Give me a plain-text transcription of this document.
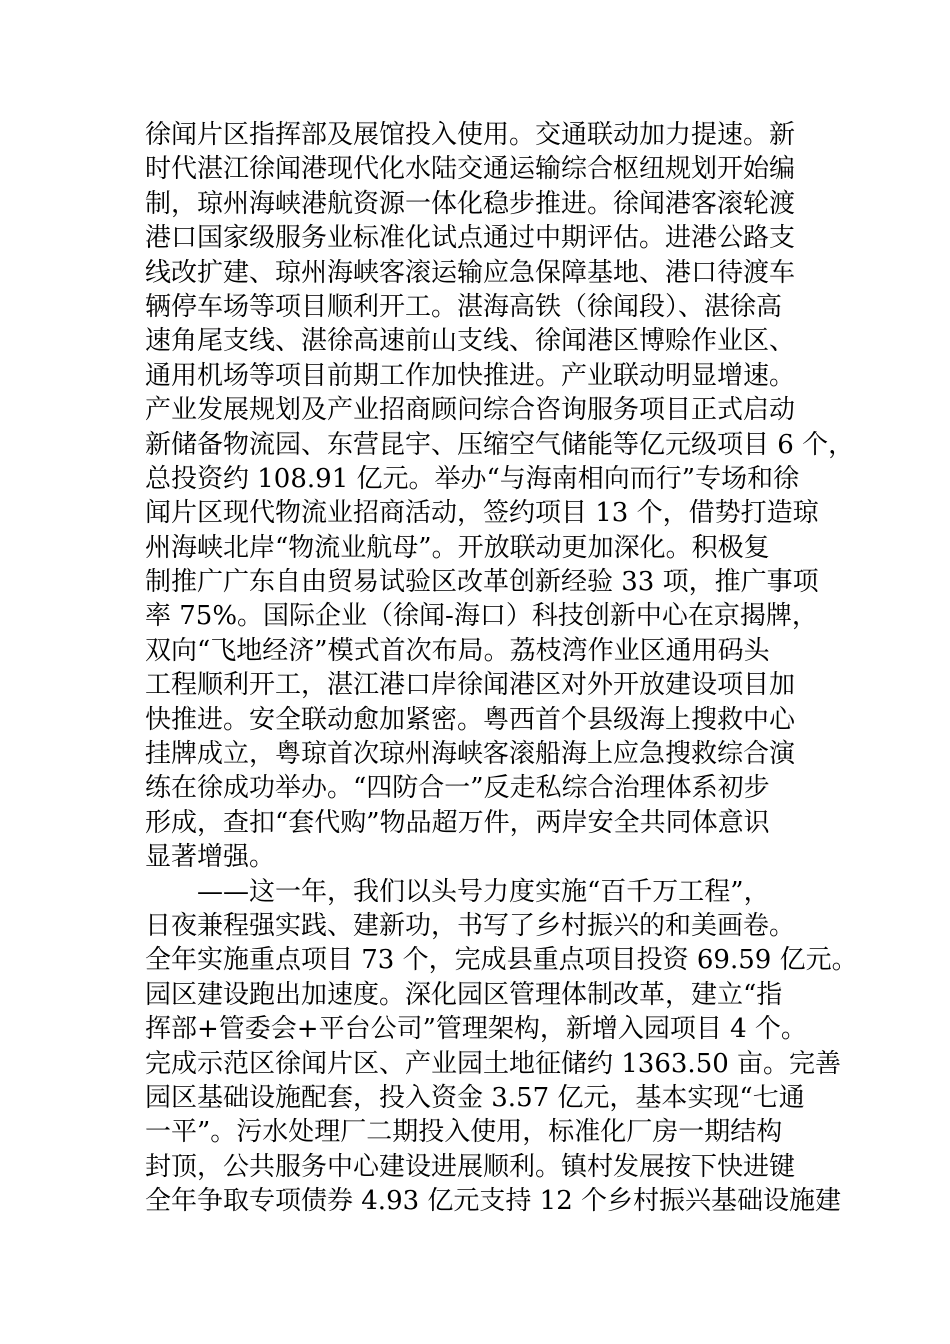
徐闻片区指挥部及展馆投入使用。交通联动加力提速。新
时代湛江徐闻港现代化水陆交通运输综合枢纽规划开始编
制，琼州海峡港航资源一体化稳步推进。徐闻港客滚轮渡
港口国家级服务业标准化试点通过中期评估。进港公路支
线改扩建、琼州海峡客滚运输应急保障基地、港口待渡车
辆停车场等项目顺利开工。湛海高铁（徐闻段）、湛徐高
速角尾支线、湛徐高速前山支线、徐闻港区博赊作业区、
通用机场等项目前期工作加快推进。产业联动明显增速。
产业发展规划及产业招商顾问综合咨询服务项目正式启动
新储备物流园、东营昆宇、压缩空气储能等亿元级项目 6 个，
总投资约 108.91 亿元。举办“与海南相向而行”专场和徐
闻片区现代物流业招商活动，签约项目 13 个，借势打造琼
州海峡北岸“物流业航母”。开放联动更加深化。积极复
制推广广东自由贸易试验区改革创新经验 33 项，推广事项
率 75%。国际企业（徐闻-海口）科技创新中心在京揭牌，
双向“飞地经济”模式首次布局。荔枝湾作业区通用码头
工程顺利开工，湛江港口岸徐闻港区对外开放建设项目加
快推进。安全联动愈加紧密。粤西首个县级海上搜救中心
挂牌成立，粤琼首次琼州海峡客滚船海上应急搜救综合演
练在徐成功举办。“四防合一”反走私综合治理体系初步
形成，查扣“套代购”物品超万件，两岸安全共同体意识
显著增强。
　　——这一年，我们以头号力度实施“百千万工程”，
日夜兼程强实践、建新功，书写了乡村振兴的和美画卷。
全年实施重点项目 73 个，完成县重点项目投资 69.59 亿元。
园区建设跑出加速度。深化园区管理体制改革，建立“指
挥部+管委会+平台公司”管理架构，新增入园项目 4 个。
完成示范区徐闻片区、产业园土地征储约 1363.50 亩。完善
园区基础设施配套，投入资金 3.57 亿元，基本实现“七通
一平”。污水处理厂二期投入使用，标准化厂房一期结构
封顶，公共服务中心建设进展顺利。镇村发展按下快进键
全年争取专项债券 4.93 亿元支持 12 个乡村振兴基础设施建
